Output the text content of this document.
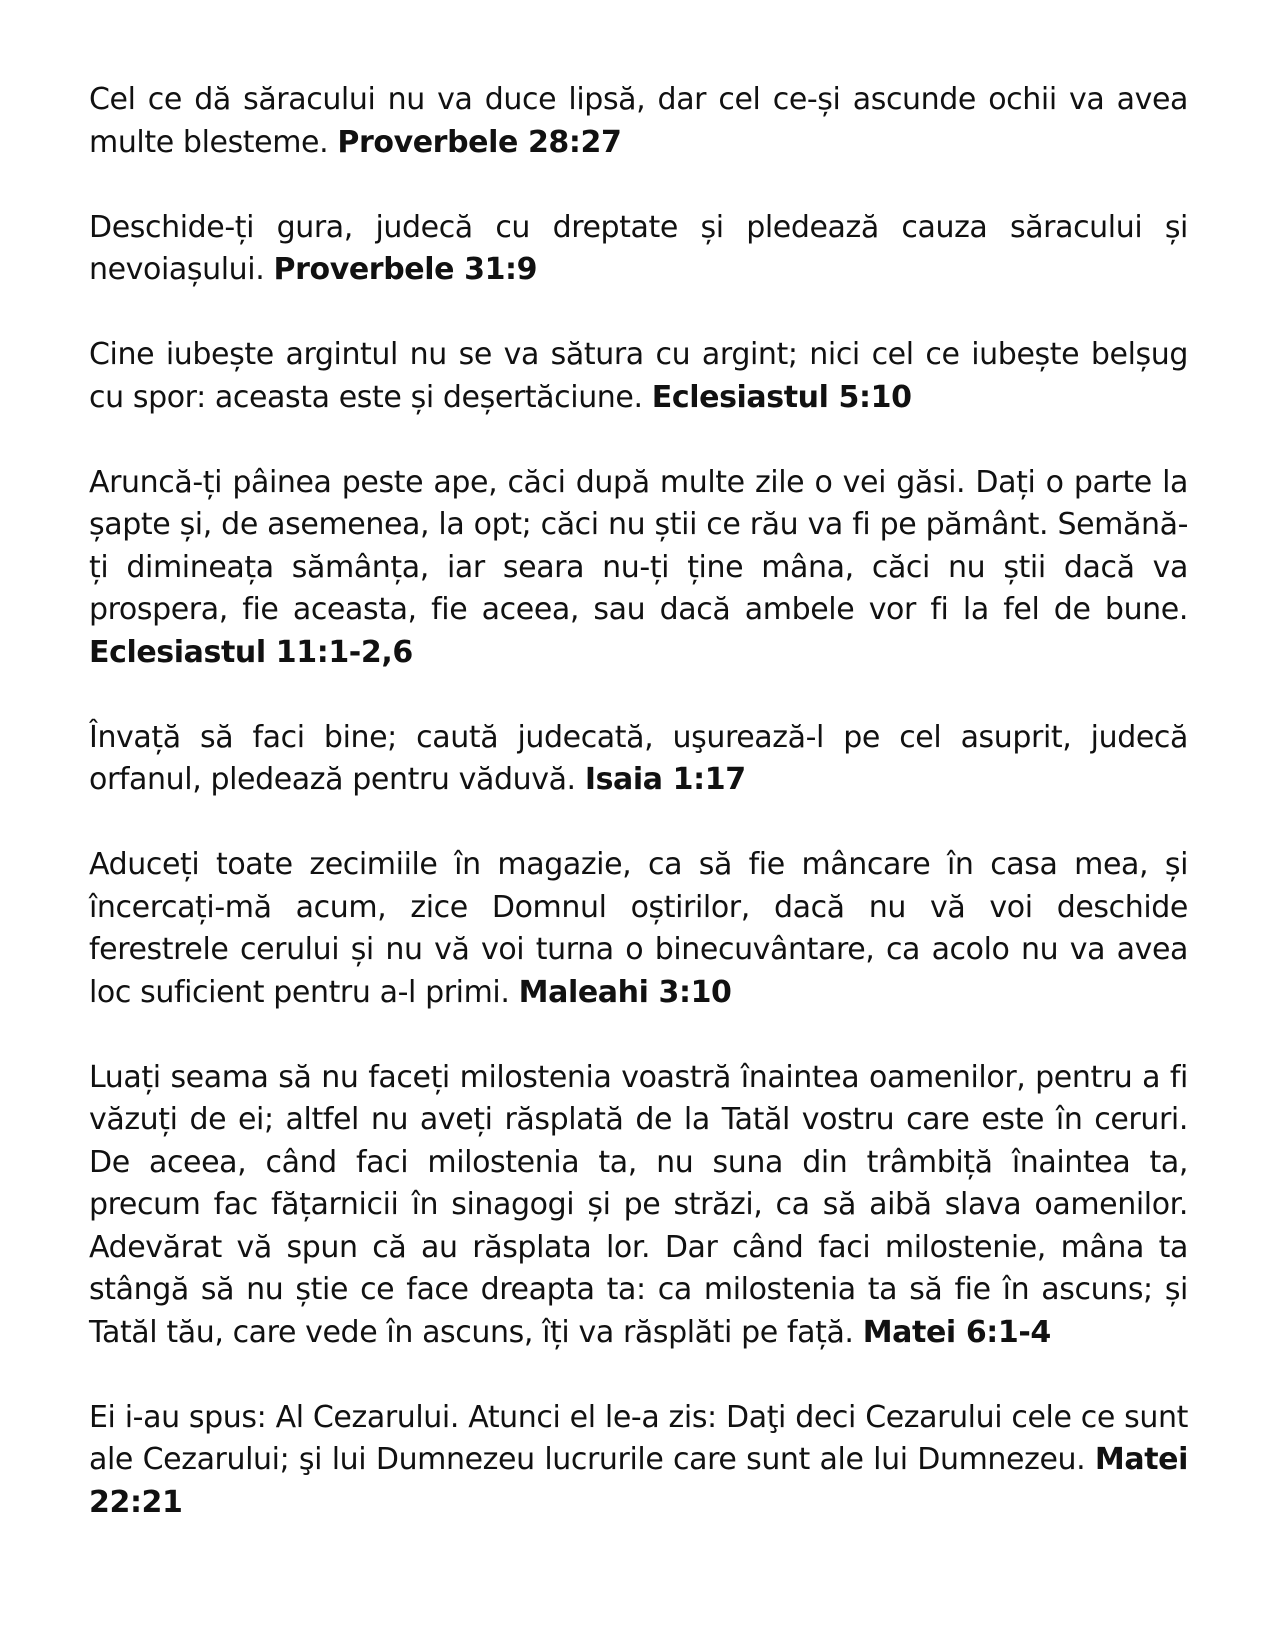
Cel ce dă săracului nu va duce lipsă, dar cel ce-și ascunde ochii va avea multe blesteme. Proverbele 28:27

Deschide-ți gura, judecă cu dreptate și pledează cauza săracului și nevoiașului. Proverbele 31:9

Cine iubește argintul nu se va sătura cu argint; nici cel ce iubește belșug cu spor: aceasta este și deșertăciune. Eclesiastul 5:10

Aruncă-ți pâinea peste ape, căci după multe zile o vei găsi. Dați o parte la șapte și, de asemenea, la opt; căci nu știi ce rău va fi pe pământ. Semănă-ți dimineața sămânța, iar seara nu-ți ține mâna, căci nu știi dacă va prospera, fie aceasta, fie aceea, sau dacă ambele vor fi la fel de bune. Eclesiastul 11:1-2,6

Învață să faci bine; caută judecată, uşurează-l pe cel asuprit, judecă orfanul, pledează pentru văduvă. Isaia 1:17

Aduceți toate zecimiile în magazie, ca să fie mâncare în casa mea, și încercați-mă acum, zice Domnul oștirilor, dacă nu vă voi deschide ferestrele cerului și nu vă voi turna o binecuvântare, ca acolo nu va avea loc suficient pentru a-l primi. Maleahi 3:10

Luați seama să nu faceți milostenia voastră înaintea oamenilor, pentru a fi văzuți de ei; altfel nu aveți răsplată de la Tatăl vostru care este în ceruri. De aceea, când faci milostenia ta, nu suna din trâmbiță înaintea ta, precum fac fățarnicii în sinagogi și pe străzi, ca să aibă slava oamenilor. Adevărat vă spun că au răsplata lor. Dar când faci milostenie, mâna ta stângă să nu știe ce face dreapta ta: ca milostenia ta să fie în ascuns; și Tatăl tău, care vede în ascuns, îți va răsplăti pe față. Matei 6:1-4

Ei i-au spus: Al Cezarului. Atunci el le-a zis: Daţi deci Cezarului cele ce sunt ale Cezarului; şi lui Dumnezeu lucrurile care sunt ale lui Dumnezeu. Matei 22:21
